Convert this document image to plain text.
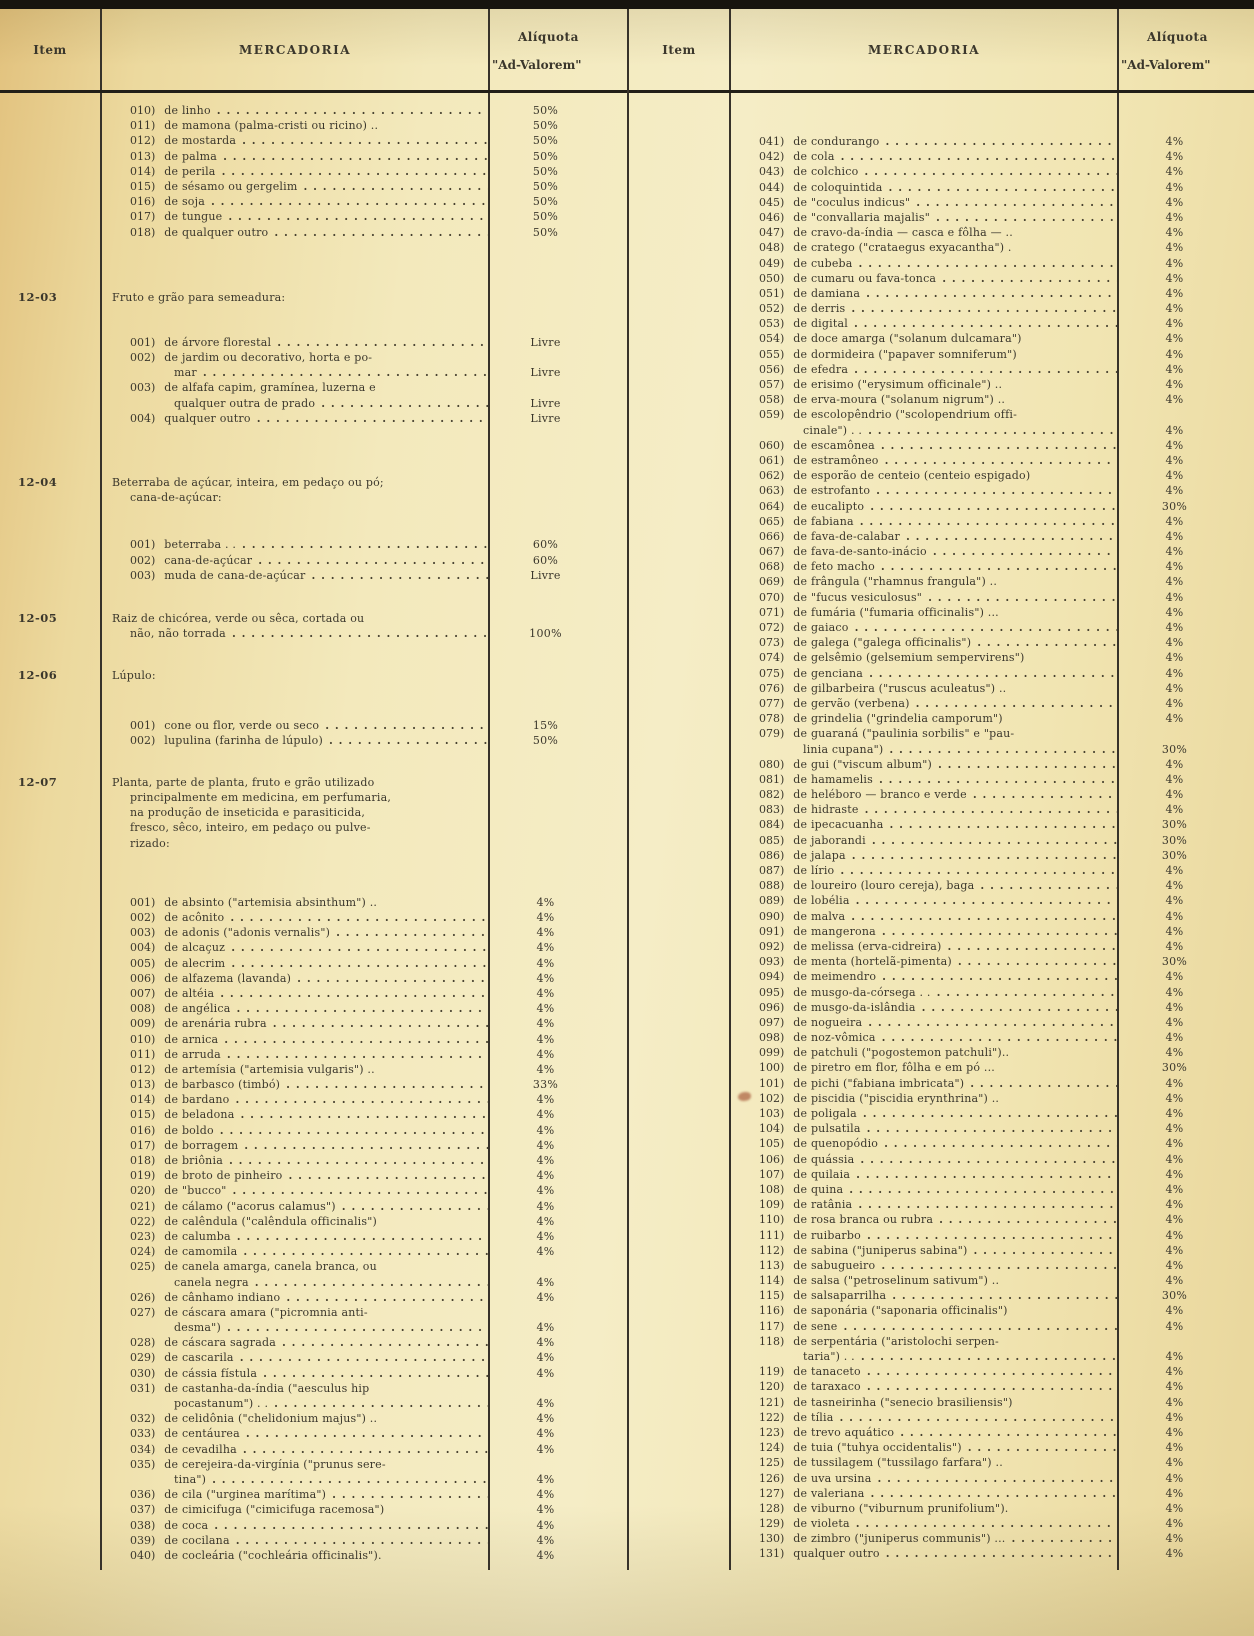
Item	MERCADORIA
Alíquota
"Ad-Valorem"
010) de linho . . .	50%
011) de mamona (palma-cristi ou ricino) ..	50%
012) de mostarda . . .	50%
013) de palma . . .	50%
014) de perila . . .	50%
015) de sésamo ou gergelim . . .	50%
016) de soja . . .	50%
017) de tungue . . .	50%
018) de qualquer outro . . .	50%
12-03	Fruto e grão para semeadura:
001) de árvore florestal . . .	Livre
002) de jardim ou decorativo, horta e po-
mar . . .	Livre
003) de alfafa capim, gramínea, luzerna e
qualquer outra de prado . . .	Livre
004) qualquer outro . . .	Livre
12-04	Beterraba de açúcar, inteira, em pedaço ou pó;
cana-de-açúcar:
001) beterraba . . . . .	60%
002) cana-de-açúcar . . .	60%
003) muda de cana-de-açúcar . . .	Livre
12-05	Raiz de chicórea, verde ou sêca, cortada ou
não, não torrada . . .	100%
12-06	Lúpulo:
001) cone ou flor, verde ou seco . . .	15%
002) lupulina (farinha de lúpulo) . . .	50%
12-07	Planta, parte de planta, fruto e grão utilizado
principalmente em medicina, em perfumaria,
na produção de inseticida e parasiticida,
fresco, sêco, inteiro, em pedaço ou pulve-
rizado:
001) de absinto ("artemisia absinthum") ..	4%
002) de acônito . . .	4%
003) de adonis ("adonis vernalis") . . .	4%
004) de alcaçuz . . .	4%
005) de alecrim . . .	4%
006) de alfazema (lavanda) . . .	4%
007) de altéia . . .	4%
008) de angélica . . .	4%
009) de arenária rubra . . .	4%
010) de arnica . . .	4%
011) de arruda . . .	4%
012) de artemísia ("artemisia vulgaris") ..	4%
013) de barbasco (timbó) . . .	33%
014) de bardano . . .	4%
015) de beladona . . .	4%
016) de boldo . . .	4%
017) de borragem . . .	4%
018) de briônia . . .	4%
019) de broto de pinheiro . . .	4%
020) de "bucco" . . .	4%
021) de cálamo ("acorus calamus") . . .	4%
022) de calêndula ("calêndula officinalis")	4%
023) de calumba . . .	4%
024) de camomila . . .	4%
025) de canela amarga, canela branca, ou
canela negra . . .	4%
026) de cânhamo indiano . . .	4%
027) de cáscara amara ("picromnia anti-
desma") . . .	4%
028) de cáscara sagrada . . .	4%
029) de cascarila . . .	4%
030) de cássia fístula . . .	4%
031) de castanha-da-índia ("aesculus hip
pocastanum") . . . . .	4%
032) de celidônia ("chelidonium majus") ..	4%
033) de centáurea . . .	4%
034) de cevadilha . . .	4%
035) de cerejeira-da-virgínia ("prunus sere-
tina") . . .	4%
036) de cila ("urginea marítima") . . .	4%
037) de cimicifuga ("cimicifuga racemosa")	4%
038) de coca . . .	4%
039) de cocilana . . .	4%
040) de cocleária ("cochleária officinalis").	4%
Item	MERCADORIA
Alíquota
"Ad-Valorem"
041) de condurango . . .	4%
042) de cola . . .	4%
043) de colchico . . .	4%
044) de coloquintida . . .	4%
045) de "coculus indicus" . . .	4%
046) de "convallaria majalis" . . .	4%
047) de cravo-da-índia — casca e fôlha — ..	4%
048) de cratego ("crataegus exyacantha") .	4%
049) de cubeba . . .	4%
050) de cumaru ou fava-tonca . . .	4%
051) de damiana . . .	4%
052) de derris . . .	4%
053) de digital . . .	4%
054) de doce amarga ("solanum dulcamara")	4%
055) de dormideira ("papaver somniferum")	4%
056) de efedra . . .	4%
057) de erisimo ("erysimum officinale") ..	4%
058) de erva-moura ("solanum nigrum") ..	4%
059) de escolopêndrio ("scolopendrium offi-
cinale") . . . . .	4%
060) de escamônea . . .	4%
061) de estramôneo . . .	4%
062) de esporão de centeio (centeio espigado)	4%
063) de estrofanto . . .	4%
064) de eucalipto . . .	30%
065) de fabiana . . .	4%
066) de fava-de-calabar . . .	4%
067) de fava-de-santo-inácio . . .	4%
068) de feto macho . . .	4%
069) de frângula ("rhamnus frangula") ..	4%
070) de "fucus vesiculosus" . . .	4%
071) de fumária ("fumaria officinalis") ...	4%
072) de gaiaco . . .	4%
073) de galega ("galega officinalis") . . .	4%
074) de gelsêmio (gelsemium sempervirens")	4%
075) de genciana . . .	4%
076) de gilbarbeira ("ruscus aculeatus") ..	4%
077) de gervão (verbena) . . .	4%
078) de grindelia ("grindelia camporum")	4%
079) de guaraná ("paulinia sorbilis" e "pau-
linia cupana") . . .	30%
080) de gui ("viscum album") . . .	4%
081) de hamamelis . . .	4%
082) de heléboro — branco e verde . . .	4%
083) de hidraste . . .	4%
084) de ipecacuanha . . .	30%
085) de jaborandi . . .	30%
086) de jalapa . . .	30%
087) de lírio . . .	4%
088) de loureiro (louro cereja), baga . . .	4%
089) de lobélia . . .	4%
090) de malva . . .	4%
091) de mangerona . . .	4%
092) de melissa (erva-cidreira) . . .	4%
093) de menta (hortelã-pimenta) . . .	30%
094) de meimendro . . .	4%
095) de musgo-da-córsega . . . . .	4%
096) de musgo-da-islândia . . .	4%
097) de nogueira . . .	4%
098) de noz-vômica . . .	4%
099) de patchuli ("pogostemon patchuli")..	4%
100) de piretro em flor, fôlha e em pó ...	30%
101) de pichi ("fabiana imbricata") . . .	4%
102) de piscidia ("piscidia erynthrina") ..	4%
103) de poligala . . .	4%
104) de pulsatila . . .	4%
105) de quenopódio . . .	4%
106) de quássia . . .	4%
107) de quilaia . . .	4%
108) de quina . . .	4%
109) de ratânia . . .	4%
110) de rosa branca ou rubra . . .	4%
111) de ruibarbo . . .	4%
112) de sabina ("juniperus sabina") . . .	4%
113) de sabugueiro . . .	4%
114) de salsa ("petroselinum sativum") ..	4%
115) de salsaparrilha . . .	30%
116) de saponária ("saponaria officinalis")	4%
117) de sene . . .	4%
118) de serpentária ("aristolochi serpen-
taria") . . . . .	4%
119) de tanaceto . . .	4%
120) de taraxaco . . .	4%
121) de tasneirinha ("senecio brasiliensis")	4%
122) de tília . . .	4%
123) de trevo aquático . . .	4%
124) de tuia ("tuhya occidentalis") . . .	4%
125) de tussilagem ("tussilago farfara") ..	4%
126) de uva ursina . . .	4%
127) de valeriana . . .	4%
128) de viburno ("viburnum prunifolium").	4%
129) de violeta . . .	4%
130) de zimbro ("juniperus communis") ... . . .	4%
131) qualquer outro . . .	4%
